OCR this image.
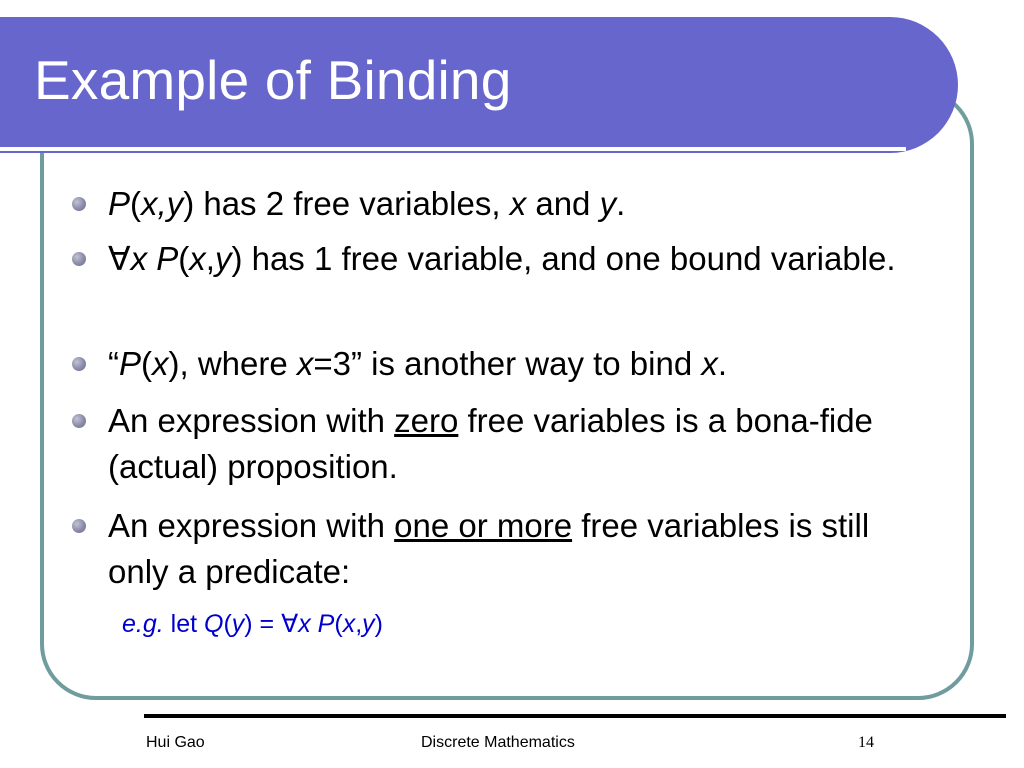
Example of Binding
P(x,y) has 2 free variables, x and y.
∀x P(x,y) has 1 free variable, and one bound variable.
“P(x), where x=3” is another way to bind x.
An expression with zero free variables is a bona-fide (actual) proposition.
An expression with one or more free variables is still only a predicate:
e.g. let Q(y) = ∀x P(x,y)
Hui Gao	Discrete Mathematics	14
